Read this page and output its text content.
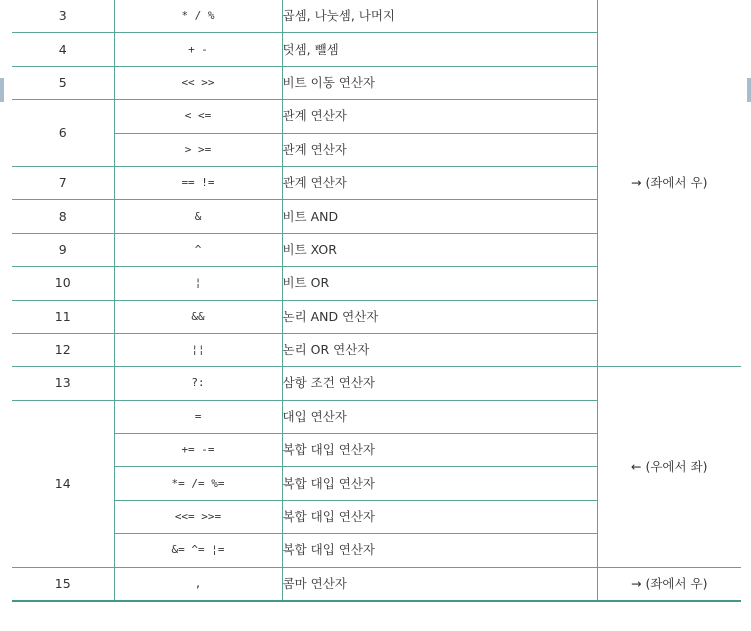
3	* / %	곱셈, 나눗셈, 나머지	→ (좌에서 우)
4	+ -	덧셈, 뺄셈	
5	<< >>	비트 이동 연산자	
6	< <=	관계 연산자	
	> >=	관계 연산자	
7	== !=	관계 연산자	
8	&	비트 AND	
9	^	비트 XOR	
10	¦	비트 OR	
11	&&	논리 AND 연산자	
12	¦¦	논리 OR 연산자	
13	?:	삼항 조건 연산자	← (우에서 좌)
14	=	대입 연산자	
	+= -=	복합 대입 연산자	
	*= /= %=	복합 대입 연산자	
	<<= >>=	복합 대입 연산자	
	&= ^= ¦=	복합 대입 연산자	
15	,	콤마 연산자	→ (좌에서 우)
